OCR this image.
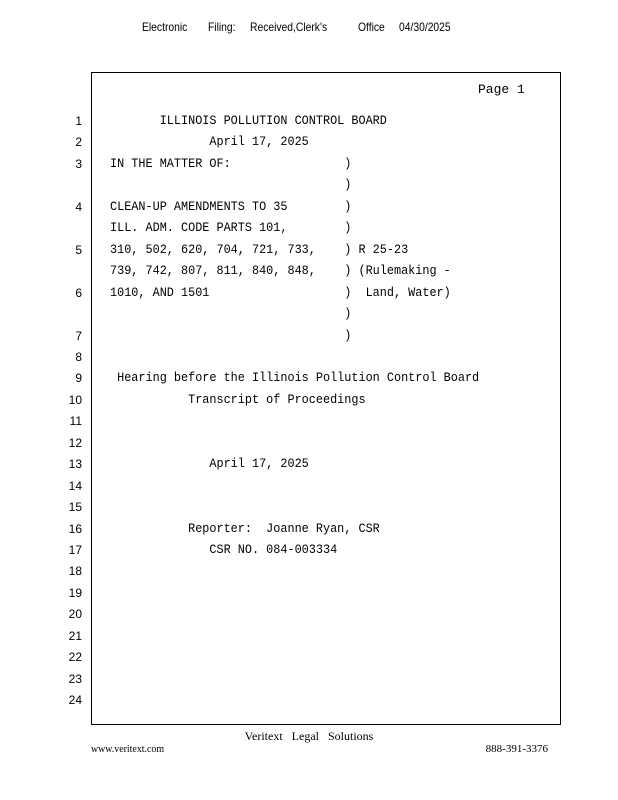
Electronic

Filing:

Received,Clerk's

	Office

04/30/2025

Page 1
1 ILLINOIS POLLUTION CONTROL BOARD
2 April 17, 2025
3 IN THE MATTER OF:                )
)
4 CLEAN-UP AMENDMENTS TO 35        )
ILL. ADM. CODE PARTS 101,        )
5 310, 502, 620, 704, 721, 733,    ) R 25-23
739, 742, 807, 811, 840, 848,    ) (Rulemaking -
6 1010, AND 1501                   )  Land, Water)
)
7 )
8
9 Hearing before the Illinois Pollution Control Board
10 Transcript of Proceedings
11
12
13 April 17, 2025
14
15
16 Reporter:  Joanne Ryan, CSR
17 CSR NO. 084-003334
18
19
20
21
22
23
24
Veritext   Legal   Solutions
www.veritext.com	888-391-3376
